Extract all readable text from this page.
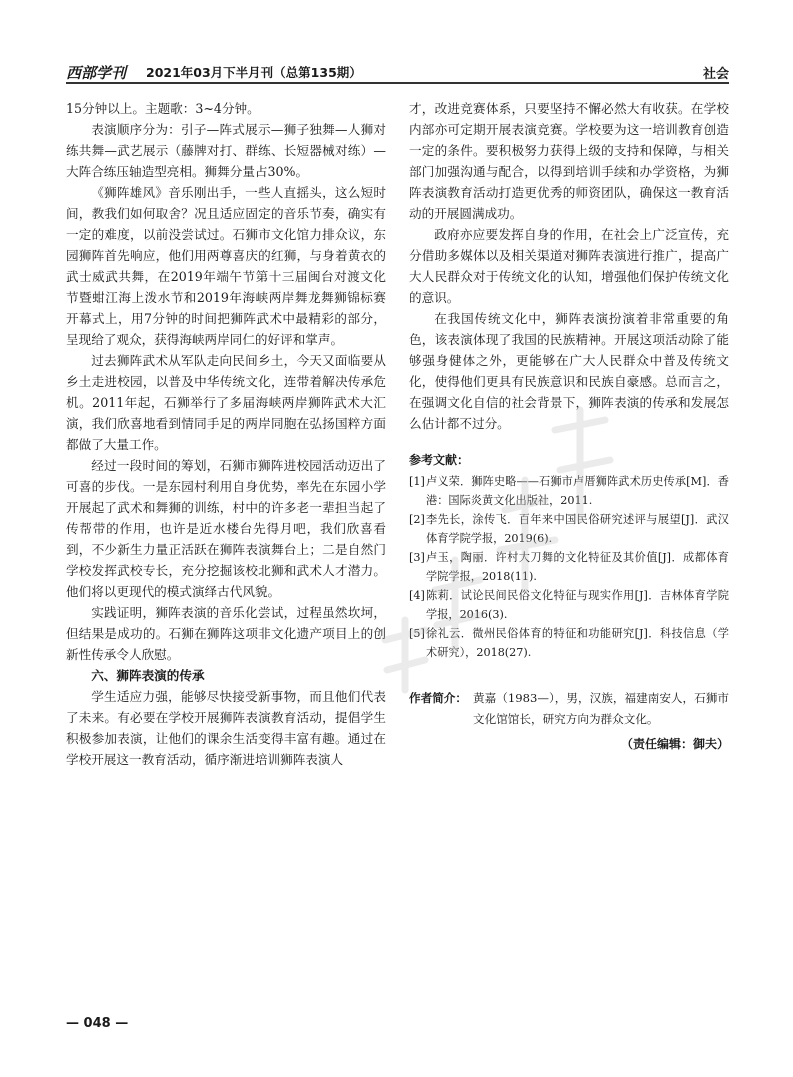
西部学刊 2021年03月下半月刊（总第135期）	社会

15分钟以上。主题歌：3~4分钟。

表演顺序分为：引子—阵式展示—狮子独舞—人狮对练共舞—武艺展示（藤牌对打、群练、长短器械对练）—大阵合练压轴造型亮相。狮舞分量占30%。

《狮阵雄风》音乐刚出手，一些人直摇头，这么短时间，教我们如何取舍？况且适应固定的音乐节奏，确实有一定的难度，以前没尝试过。石狮市文化馆力排众议，东园狮阵首先响应，他们用两尊喜庆的红狮，与身着黄衣的武士威武共舞，在2019年端午节第十三届闽台对渡文化节暨蚶江海上泼水节和2019年海峡两岸舞龙舞狮锦标赛开幕式上，用7分钟的时间把狮阵武术中最精彩的部分，呈现给了观众，获得海峡两岸同仁的好评和掌声。

过去狮阵武术从军队走向民间乡土，今天又面临要从乡土走进校园，以普及中华传统文化，连带着解决传承危机。2011年起，石狮举行了多届海峡两岸狮阵武术大汇演，我们欣喜地看到情同手足的两岸同胞在弘扬国粹方面都做了大量工作。

经过一段时间的筹划，石狮市狮阵进校园活动迈出了可喜的步伐。一是东园村利用自身优势，率先在东园小学开展起了武术和舞狮的训练，村中的许多老一辈担当起了传帮带的作用，也许是近水楼台先得月吧，我们欣喜看到，不少新生力量正活跃在狮阵表演舞台上；二是自然门学校发挥武校专长，充分挖掘该校北狮和武术人才潜力。他们将以更现代的模式演绎古代风貌。

实践证明，狮阵表演的音乐化尝试，过程虽然坎坷，但结果是成功的。石狮在狮阵这项非文化遗产项目上的创新性传承令人欣慰。

六、狮阵表演的传承

学生适应力强，能够尽快接受新事物，而且他们代表了未来。有必要在学校开展狮阵表演教育活动，提倡学生积极参加表演，让他们的课余生活变得丰富有趣。通过在学校开展这一教育活动，循序渐进培训狮阵表演人

才，改进竞赛体系，只要坚持不懈必然大有收获。在学校内部亦可定期开展表演竞赛。学校要为这一培训教育创造一定的条件。要积极努力获得上级的支持和保障，与相关部门加强沟通与配合，以得到培训手续和办学资格，为狮阵表演教育活动打造更优秀的师资团队，确保这一教育活动的开展圆满成功。

政府亦应要发挥自身的作用，在社会上广泛宣传，充分借助多媒体以及相关渠道对狮阵表演进行推广，提高广大人民群众对于传统文化的认知，增强他们保护传统文化的意识。

在我国传统文化中，狮阵表演扮演着非常重要的角色，该表演体现了我国的民族精神。开展这项活动除了能够强身健体之外，更能够在广大人民群众中普及传统文化，使得他们更具有民族意识和民族自豪感。总而言之，在强调文化自信的社会背景下，狮阵表演的传承和发展怎么估计都不过分。

参考文献：

[1] 卢义荣．狮阵史略——石狮市卢厝狮阵武术历史传承[M]．香港：国际炎黄文化出版社，2011.
[2] 李先长，涂传飞．百年来中国民俗研究述评与展望[J]．武汉体育学院学报，2019(6).
[3] 卢玉，陶丽．许村大刀舞的文化特征及其价值[J]．成都体育学院学报，2018(11).
[4] 陈莉．试论民间民俗文化特征与现实作用[J]．吉林体育学院学报，2016(3).
[5] 徐礼云．微州民俗体育的特征和功能研究[J]．科技信息（学术研究），2018(27).
作者简介： 黄嘉（1983—），男，汉族，福建南安人，石狮市文化馆馆长，研究方向为群众文化。
（责任编辑：御夫）
— 048 —
